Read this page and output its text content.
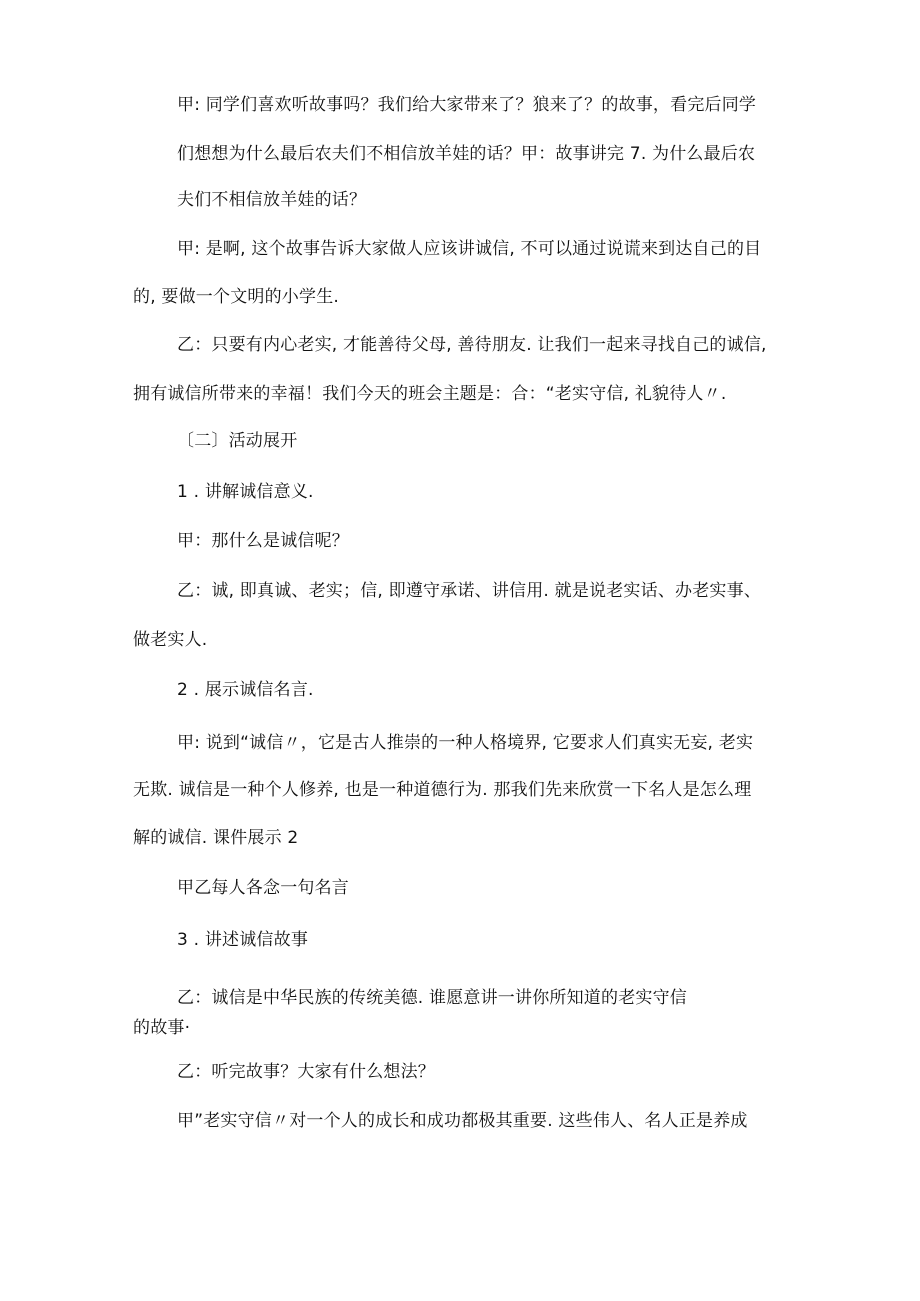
甲: 同学们喜欢听故事吗？我们给大家带来了？狼来了？的故事，看完后同学
们想想为什么最后农夫们不相信放羊娃的话？甲：故事讲完 7. 为什么最后农
夫们不相信放羊娃的话？
甲: 是啊, 这个故事告诉大家做人应该讲诚信, 不可以通过说谎来到达自己的目
的, 要做一个文明的小学生.
乙：只要有内心老实, 才能善待父母, 善待朋友. 让我们一起来寻找自己的诚信,
拥有诚信所带来的幸福！我们今天的班会主题是：合：“老实守信, 礼貌待人〃.
〔二〕活动展开
1 . 讲解诚信意义.
甲：那什么是诚信呢？
乙：诚, 即真诚、老实；信, 即遵守承诺、讲信用. 就是说老实话、办老实事、
做老实人.
2 . 展示诚信名言.
甲: 说到“诚信〃，它是古人推崇的一种人格境界, 它要求人们真实无妄, 老实
无欺. 诚信是一种个人修养, 也是一种道德行为. 那我们先来欣赏一下名人是怎么理
解的诚信. 课件展示 2
甲乙每人各念一句名言
3 . 讲述诚信故事
乙：诚信是中华民族的传统美德. 谁愿意讲一讲你所知道的老实守信
的故事·
乙：听完故事？大家有什么想法？
甲”老实守信〃对一个人的成长和成功都极其重要. 这些伟人、名人正是养成
